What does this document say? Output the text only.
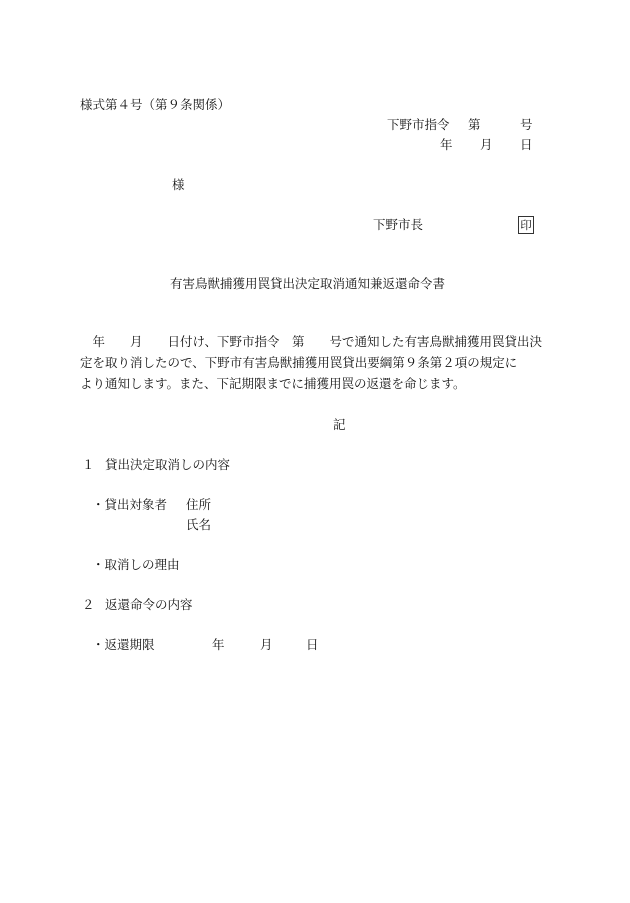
様式第４号（第９条関係）
下野市指令 第	号
年 月 日
様
下野市長	印
有害鳥獣捕獲用罠貸出決定取消通知兼返還命令書
　年　　月　　日付け、下野市指令　第　　号で通知した有害鳥獣捕獲用罠貸出決
定を取り消したので、下野市有害鳥獣捕獲用罠貸出要綱第９条第２項の規定に
より通知します。また、下記期限までに捕獲用罠の返還を命じます。
記
１ 貸出決定取消しの内容
・貸出対象者 住所
氏名
・取消しの理由
２ 返還命令の内容
・返還期限	年	月	日
